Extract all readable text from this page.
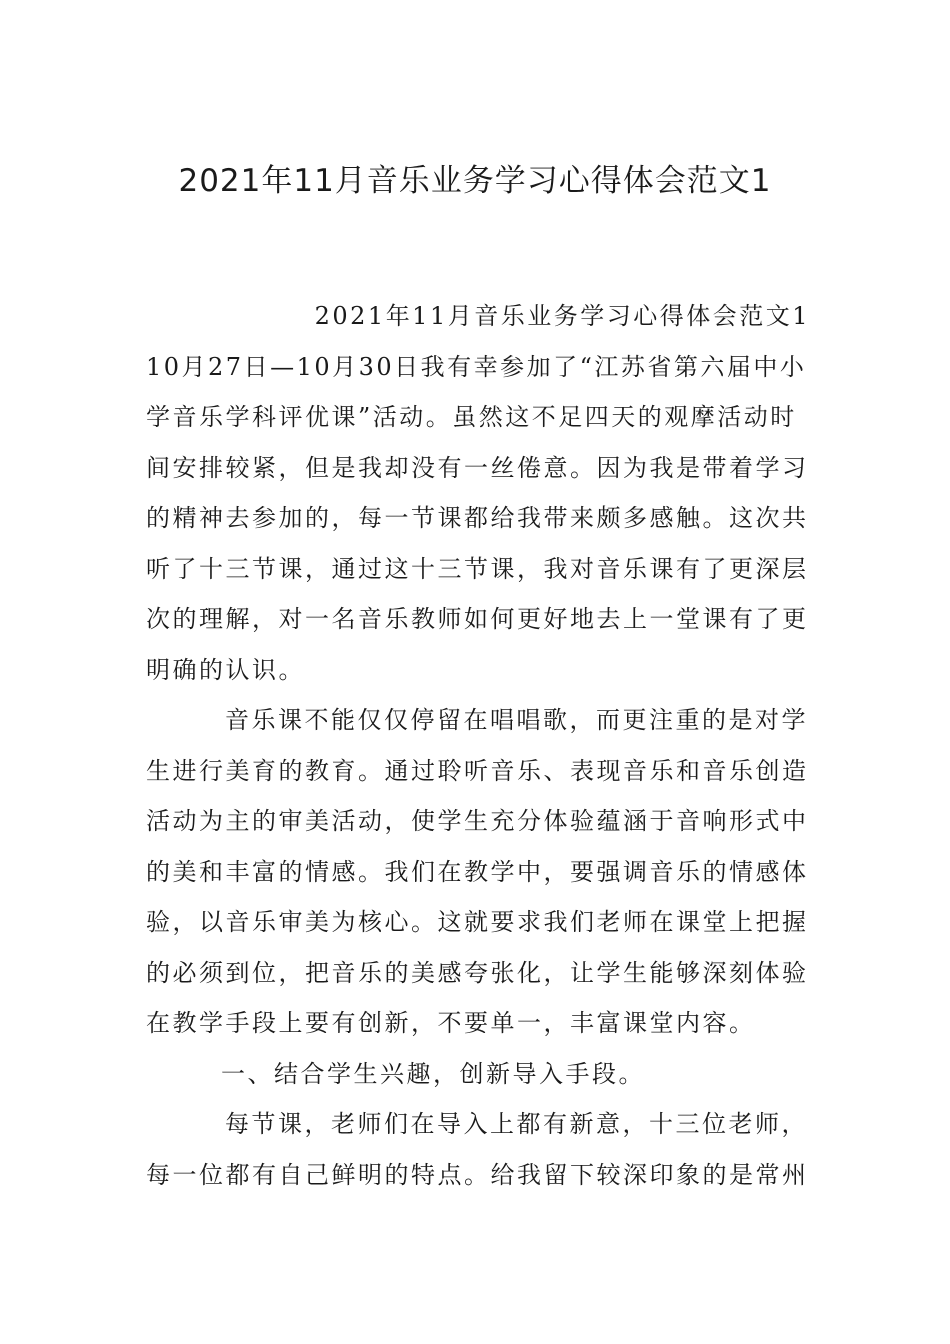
2021年11月音乐业务学习心得体会范文1
2021年11月音乐业务学习心得体会范文1
10月27日—10月30日我有幸参加了“江苏省第六届中小
学音乐学科评优课”活动。虽然这不足四天的观摩活动时
间安排较紧，但是我却没有一丝倦意。因为我是带着学习
的精神去参加的，每一节课都给我带来颇多感触。这次共
听了十三节课，通过这十三节课，我对音乐课有了更深层
次的理解，对一名音乐教师如何更好地去上一堂课有了更
明确的认识。
音乐课不能仅仅停留在唱唱歌，而更注重的是对学
生进行美育的教育。通过聆听音乐、表现音乐和音乐创造
活动为主的审美活动，使学生充分体验蕴涵于音响形式中
的美和丰富的情感。我们在教学中，要强调音乐的情感体
验，以音乐审美为核心。这就要求我们老师在课堂上把握
的必须到位，把音乐的美感夸张化，让学生能够深刻体验
在教学手段上要有创新，不要单一，丰富课堂内容。
一、结合学生兴趣，创新导入手段。
每节课，老师们在导入上都有新意，十三位老师，
每一位都有自己鲜明的特点。给我留下较深印象的是常州
